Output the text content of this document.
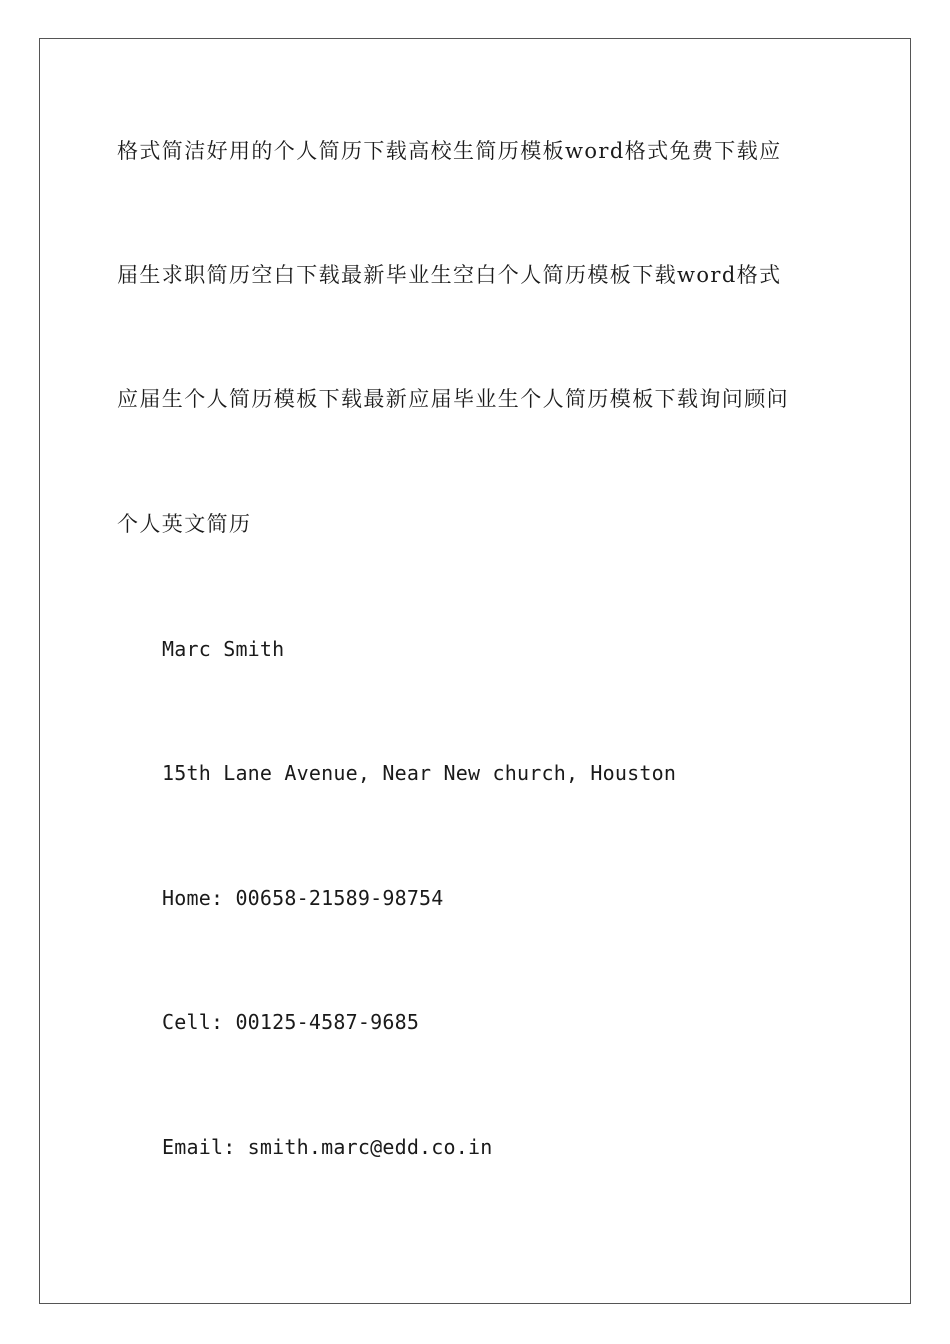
格式简洁好用的个人简历下载高校生简历模板word格式免费下载应
届生求职简历空白下载最新毕业生空白个人简历模板下载word格式
应届生个人简历模板下载最新应届毕业生个人简历模板下载询问顾问
个人英文简历
Marc Smith
15th Lane Avenue, Near New church, Houston
Home: 00658-21589-98754
Cell: 00125-4587-9685
Email: smith.marc@edd.co.in
